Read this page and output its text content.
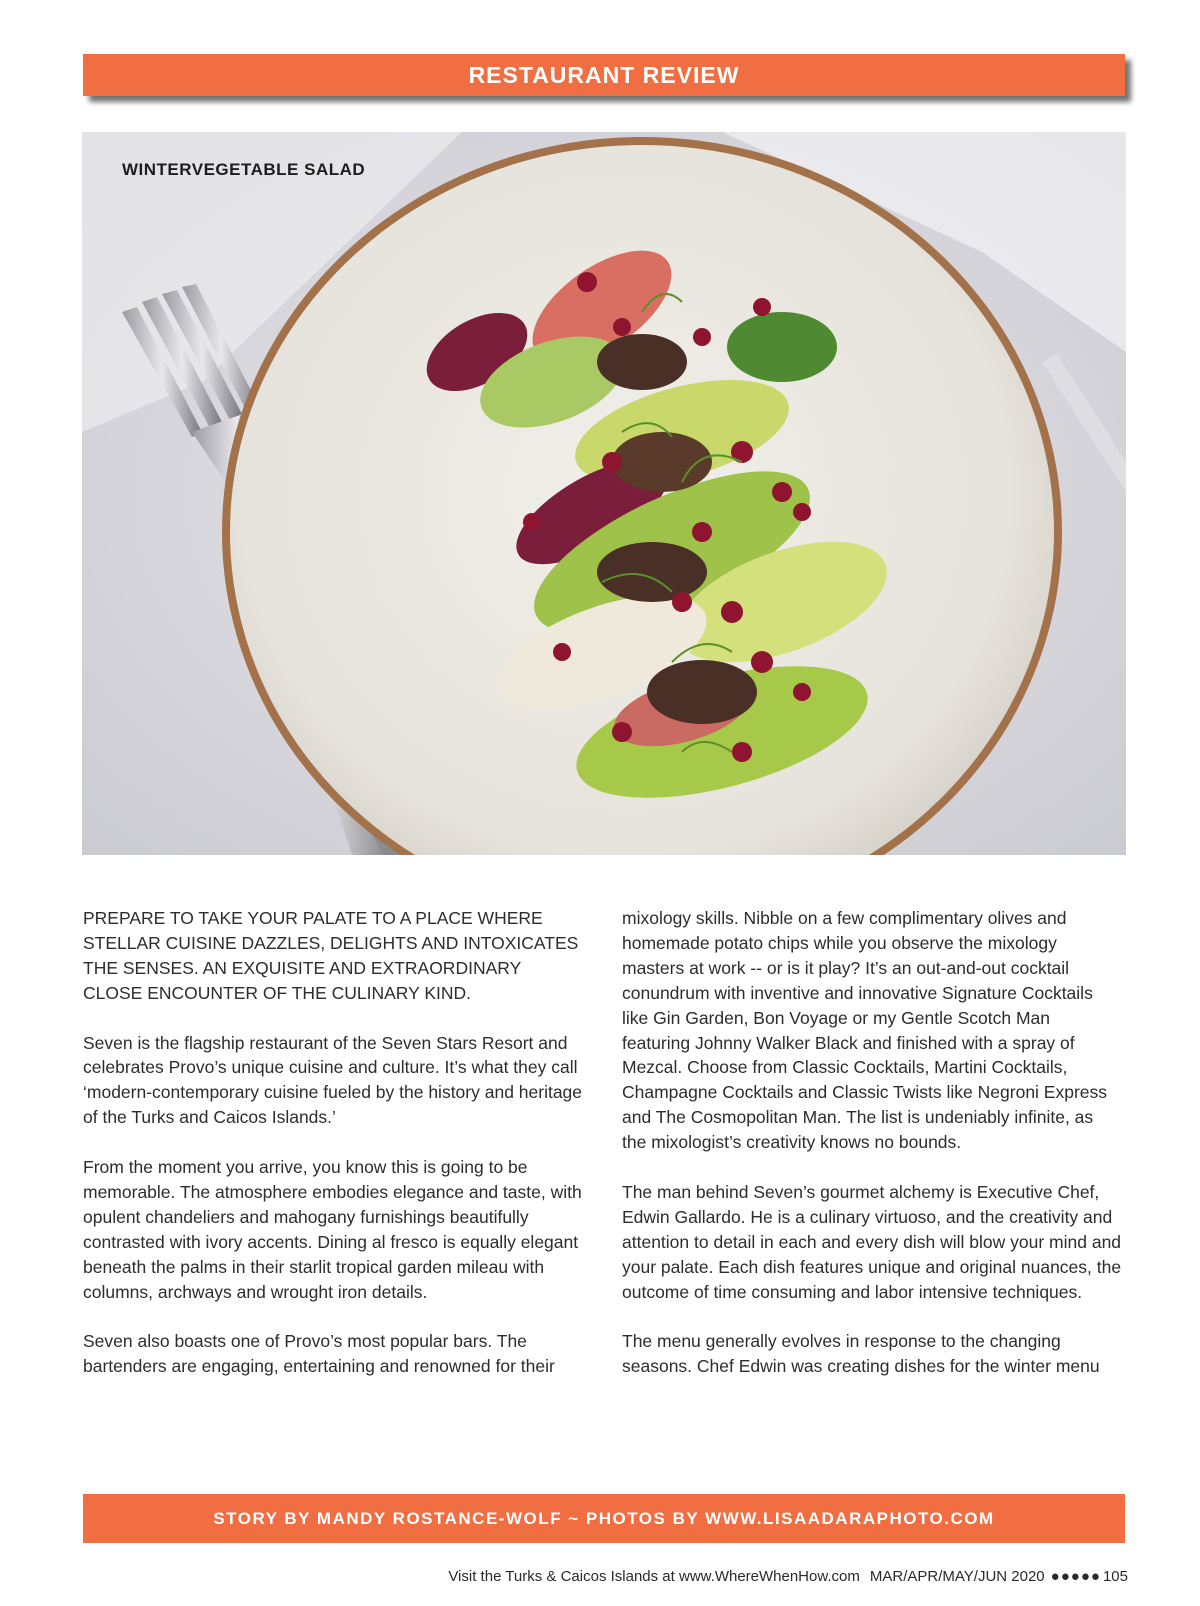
RESTAURANT REVIEW
WINTERVEGETABLE SALAD

PREPARE TO TAKE YOUR PALATE TO A PLACE WHERE STELLAR CUISINE DAZZLES, DELIGHTS AND INTOXICATES THE SENSES. AN EXQUISITE AND EXTRAORDINARY CLOSE ENCOUNTER OF THE CULINARY KIND.

Seven is the flagship restaurant of the Seven Stars Resort and celebrates Provo’s unique cuisine and culture. It’s what they call ‘modern-contemporary cuisine fueled by the history and heritage of the Turks and Caicos Islands.’

From the moment you arrive, you know this is going to be memorable. The atmosphere embodies elegance and taste, with opulent chandeliers and mahogany furnishings beautifully contrasted with ivory accents. Dining al fresco is equally elegant beneath the palms in their starlit tropical garden mileau with columns, archways and wrought iron details.

Seven also boasts one of Provo’s most popular bars. The bartenders are engaging, entertaining and renowned for their

mixology skills. Nibble on a few complimentary olives and homemade potato chips while you observe the mixology masters at work -- or is it play? It’s an out-and-out cocktail conundrum with inventive and innovative Signature Cocktails like Gin Garden, Bon Voyage or my Gentle Scotch Man featuring Johnny Walker Black and finished with a spray of Mezcal. Choose from Classic Cocktails, Martini Cocktails, Champagne Cocktails and Classic Twists like Negroni Express and The Cosmopolitan Man. The list is undeniably infinite, as the mixologist’s creativity knows no bounds.

The man behind Seven’s gourmet alchemy is Executive Chef, Edwin Gallardo. He is a culinary virtuoso, and the creativity and attention to detail in each and every dish will blow your mind and your palate. Each dish features unique and original nuances, the outcome of time consuming and labor intensive techniques.

The menu generally evolves in response to the changing seasons. Chef Edwin was creating dishes for the winter menu

STORY BY MANDY ROSTANCE-WOLF ~ PHOTOS BY WWW.LISAADARAPHOTO.COM
Visit the Turks & Caicos Islands at www.WhereWhenHow.com MAR/APR/MAY/JUN 2020 ●●●●● 105
